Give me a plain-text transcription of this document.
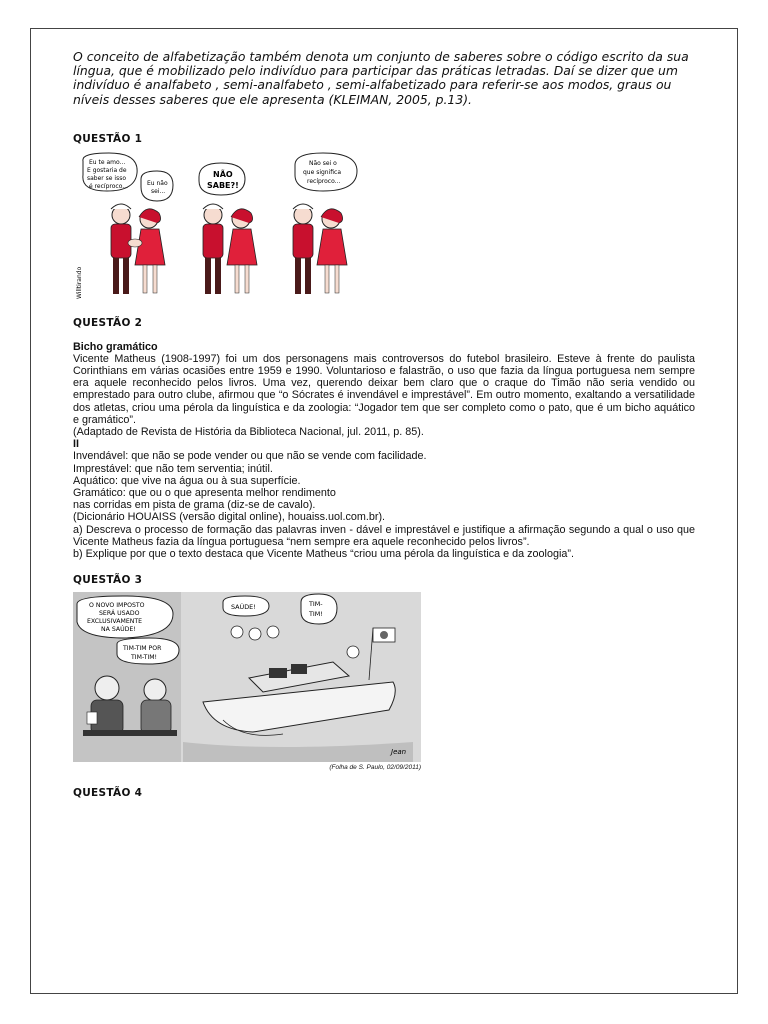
O conceito de alfabetização também denota um conjunto de saberes sobre o código escrito da sua língua, que é mobilizado pelo indivíduo para participar das práticas letradas. Daí se dizer que um indivíduo é analfabeto , semi-analfabeto , semi-alfabetizado para referir-se aos modos, graus ou níveis desses saberes que ele apresenta (KLEIMAN, 2005, p.13).

QUESTÃO 1

Eu te amo...
E gostaria de
saber se isso
é recíproco...	Eu não
sei...
Willtirando
NÃO
SABE?!
Não sei o
que significa
recíproco...

QUESTÃO 2

Bicho gramático

Vicente Matheus (1908-1997) foi um dos personagens mais controversos do futebol brasileiro. Esteve à frente do paulista Corinthians em várias ocasiões entre 1959 e 1990. Voluntarioso e falastrão, o uso que fazia da língua portuguesa nem sempre era aquele reconhecido pelos livros. Uma vez, querendo deixar bem claro que o craque do Timão não seria vendido ou emprestado para outro clube, afirmou que “o Sócrates é invendável e imprestável”. Em outro momento, exaltando a versatilidade dos atletas, criou uma pérola da linguística e da zoologia: “Jogador tem que ser completo como o pato, que é um bicho aquático e gramático”.

(Adaptado de Revista de História da Biblioteca Nacional, jul. 2011, p. 85).

II

Invendável: que não se pode vender ou que não se vende com facilidade.

Imprestável: que não tem serventia; inútil.

Aquático: que vive na água ou à sua superfície.

Gramático: que ou o que apresenta melhor rendimento

nas corridas em pista de grama (diz-se de cavalo).

(Dicionário HOUAISS (versão digital online), houaiss.uol.com.br).

a) Descreva o processo de formação das palavras inven - dável e imprestável e justifique a afirmação segundo a qual o uso que Vicente Matheus fazia da língua portuguesa “nem sempre era aquele reconhecido pelos livros”.

b) Explique por que o texto destaca que Vicente Matheus “criou uma pérola da linguística e da zoologia”.

QUESTÃO 3

O NOVO IMPOSTO
SERÁ USADO
EXCLUSIVAMENTE
NA SAÚDE!
TIM-TIM POR
TIM-TIM!
SAÚDE!	TIM-
TIM!
Jean
(Folha de S. Paulo, 02/09/2011)

QUESTÃO 4
